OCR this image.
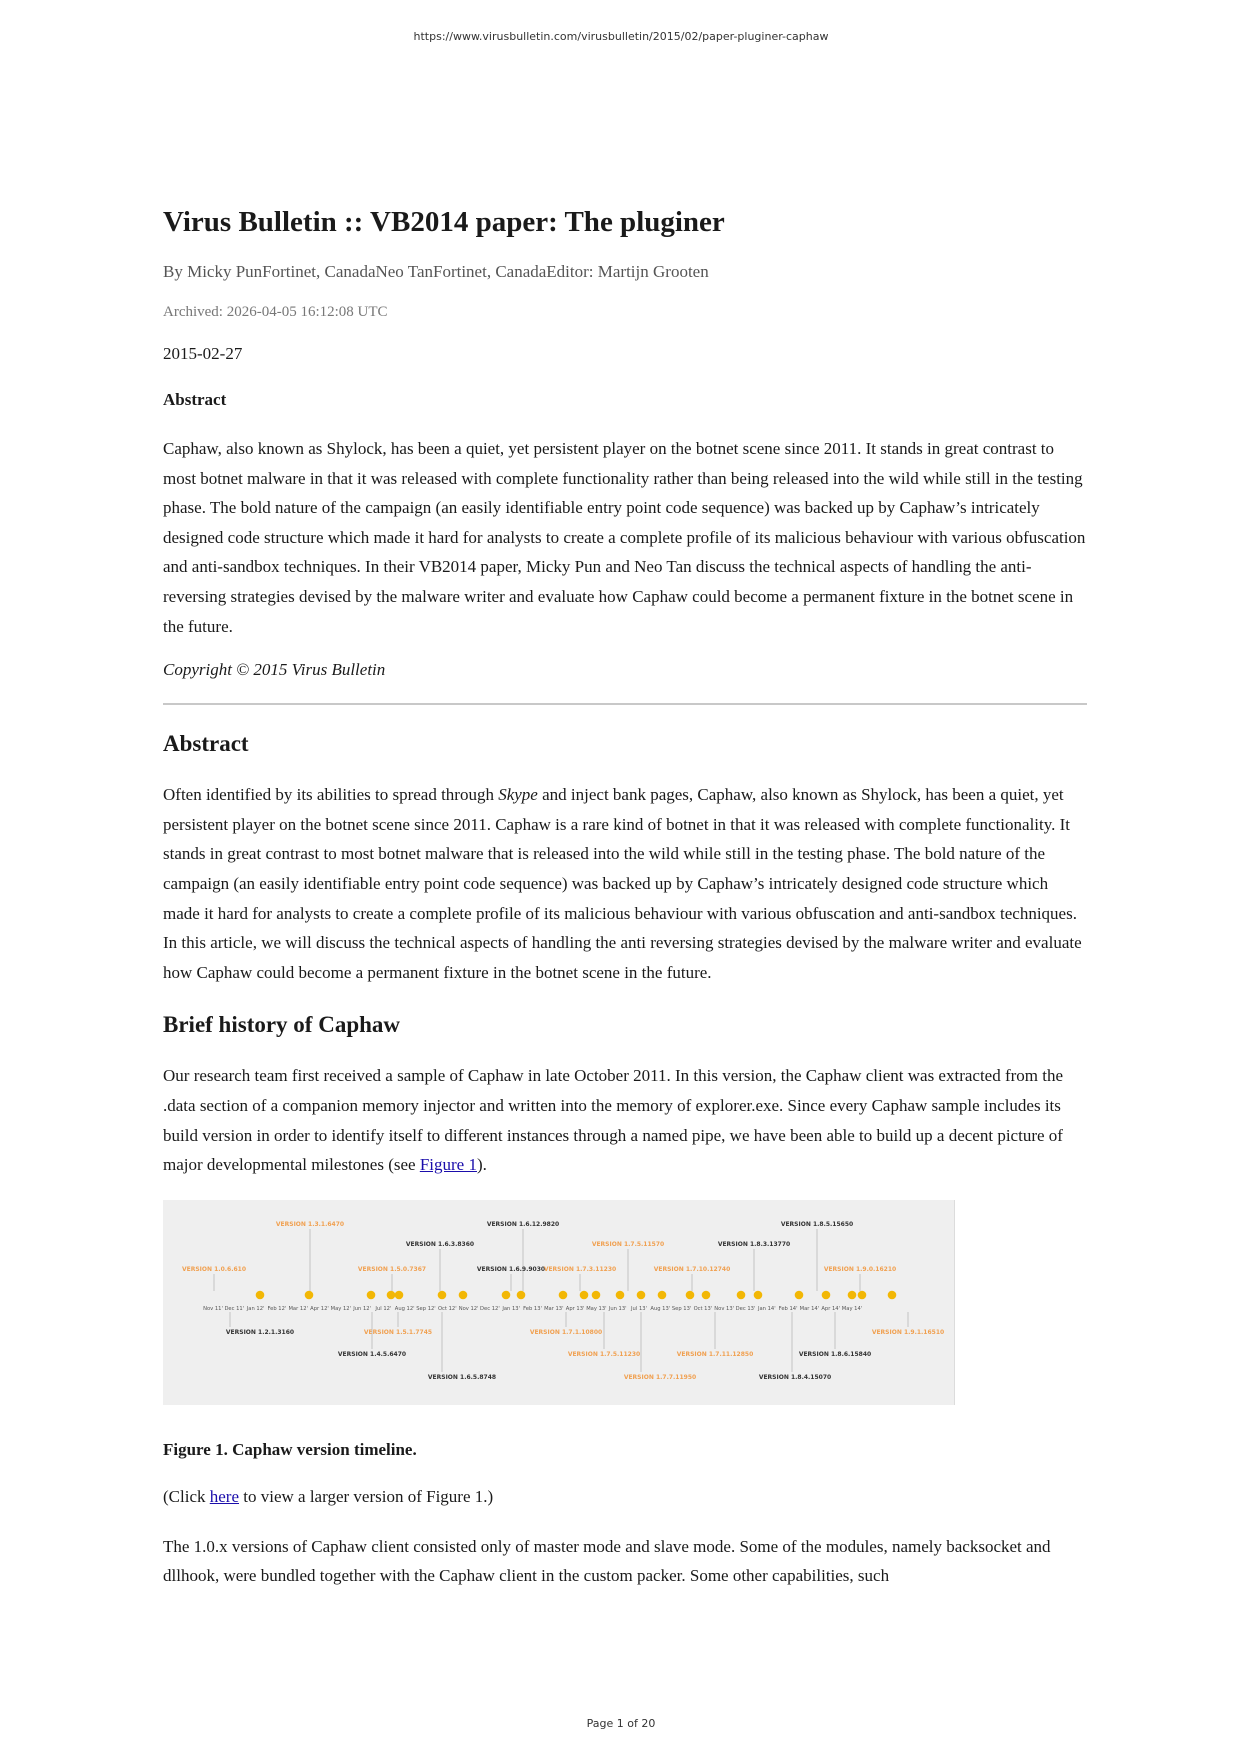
https://www.virusbulletin.com/virusbulletin/2015/02/paper-pluginer-caphaw
Virus Bulletin :: VB2014 paper: The pluginer
By Micky PunFortinet, CanadaNeo TanFortinet, CanadaEditor: Martijn Grooten
Archived: 2026-04-05 16:12:08 UTC
2015-02-27
Abstract

Caphaw, also known as Shylock, has been a quiet, yet persistent player on the botnet scene since 2011. It stands in great contrast to most botnet malware in that it was released with complete functionality rather than being released into the wild while still in the testing phase. The bold nature of the campaign (an easily identifiable entry point code sequence) was backed up by Caphaw’s intricately designed code structure which made it hard for analysts to create a complete profile of its malicious behaviour with various obfuscation and anti-sandbox techniques. In their VB2014 paper, Micky Pun and Neo Tan discuss the technical aspects of handling the anti-reversing strategies devised by the malware writer and evaluate how Caphaw could become a permanent fixture in the botnet scene in the future.

Copyright © 2015 Virus Bulletin
Abstract

Often identified by its abilities to spread through Skype and inject bank pages, Caphaw, also known as Shylock, has been a quiet, yet persistent player on the botnet scene since 2011. Caphaw is a rare kind of botnet in that it was released with complete functionality. It stands in great contrast to most botnet malware that is released into the wild while still in the testing phase. The bold nature of the campaign (an easily identifiable entry point code sequence) was backed up by Caphaw’s intricately designed code structure which made it hard for analysts to create a complete profile of its malicious behaviour with various obfuscation and anti-sandbox techniques. In this article, we will discuss the technical aspects of handling the anti reversing strategies devised by the malware writer and evaluate how Caphaw could become a permanent fixture in the botnet scene in the future.

Brief history of Caphaw

Our research team first received a sample of Caphaw in late October 2011. In this version, the Caphaw client was extracted from the .data section of a companion memory injector and written into the memory of explorer.exe. Since every Caphaw sample includes its build version in order to identify itself to different instances through a named pipe, we have been able to build up a decent picture of major developmental milestones (see Figure 1).

Nov 11' Dec 11' Jan 12' Feb 12' Mar 12' Apr 12' May 12' Jun 12' Jul 12' Aug 12' Sep 12' Oct 12' Nov 12' Dec 12' Jan 13' Feb 13' Mar 13' Apr 13' May 13' Jun 13' Jul 13' Aug 13' Sep 13' Oct 13' Nov 13' Dec 13' Jan 14' Feb 14' Mar 14' Apr 14' May 14'
VERSION 1.3.1.6470	VERSION 1.6.12.9820	VERSION 1.8.5.15650
VERSION 1.6.3.8360	VERSION 1.7.5.11570	VERSION 1.8.3.13770
VERSION 1.0.6.610	VERSION 1.5.0.7367	VERSION 1.6.9.9030
VERSION 1.7.3.11230	VERSION 1.7.10.12740	VERSION 1.9.0.16210
VERSION 1.2.1.3160	VERSION 1.5.1.7745	VERSION 1.7.1.10800	VERSION 1.9.1.16510
VERSION 1.4.5.6470	VERSION 1.7.5.11230	VERSION 1.7.11.12850	VERSION 1.8.6.15840
VERSION 1.6.5.8748	VERSION 1.7.7.11950	VERSION 1.8.4.15070
Figure 1. Caphaw version timeline.

(Click here to view a larger version of Figure 1.)

The 1.0.x versions of Caphaw client consisted only of master mode and slave mode. Some of the modules, namely backsocket and dllhook, were bundled together with the Caphaw client in the custom packer. Some other capabilities, such

Page 1 of 20
